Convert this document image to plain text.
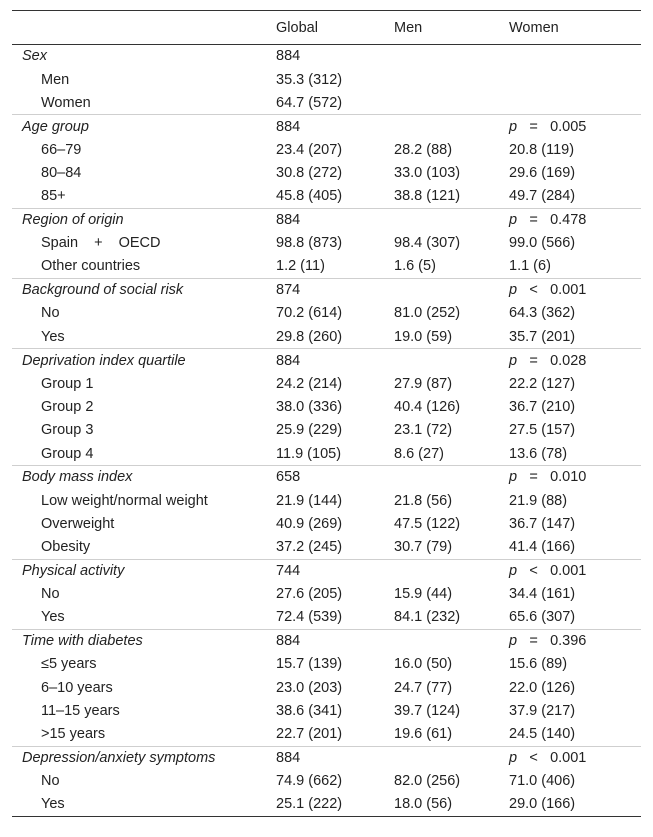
	Global	Men	Women
Sex	884		
Men	35.3 (312)		
Women	64.7 (572)		
Age group	884		p = 0.005
66–79	23.4 (207)	28.2 (88)	20.8 (119)
80–84	30.8 (272)	33.0 (103)	29.6 (169)
85+	45.8 (405)	38.8 (121)	49.7 (284)
Region of origin	884		p = 0.478
Spain + OECD	98.8 (873)	98.4 (307)	99.0 (566)
Other countries	1.2 (11)	1.6 (5)	1.1 (6)
Background of social risk	874		p < 0.001
No	70.2 (614)	81.0 (252)	64.3 (362)
Yes	29.8 (260)	19.0 (59)	35.7 (201)
Deprivation index quartile	884		p = 0.028
Group 1	24.2 (214)	27.9 (87)	22.2 (127)
Group 2	38.0 (336)	40.4 (126)	36.7 (210)
Group 3	25.9 (229)	23.1 (72)	27.5 (157)
Group 4	11.9 (105)	8.6 (27)	13.6 (78)
Body mass index	658		p = 0.010
Low weight/normal weight	21.9 (144)	21.8 (56)	21.9 (88)
Overweight	40.9 (269)	47.5 (122)	36.7 (147)
Obesity	37.2 (245)	30.7 (79)	41.4 (166)
Physical activity	744		p < 0.001
No	27.6 (205)	15.9 (44)	34.4 (161)
Yes	72.4 (539)	84.1 (232)	65.6 (307)
Time with diabetes	884		p = 0.396
≤5 years	15.7 (139)	16.0 (50)	15.6 (89)
6–10 years	23.0 (203)	24.7 (77)	22.0 (126)
11–15 years	38.6 (341)	39.7 (124)	37.9 (217)
>15 years	22.7 (201)	19.6 (61)	24.5 (140)
Depression/anxiety symptoms	884		p < 0.001
No	74.9 (662)	82.0 (256)	71.0 (406)
Yes	25.1 (222)	18.0 (56)	29.0 (166)
